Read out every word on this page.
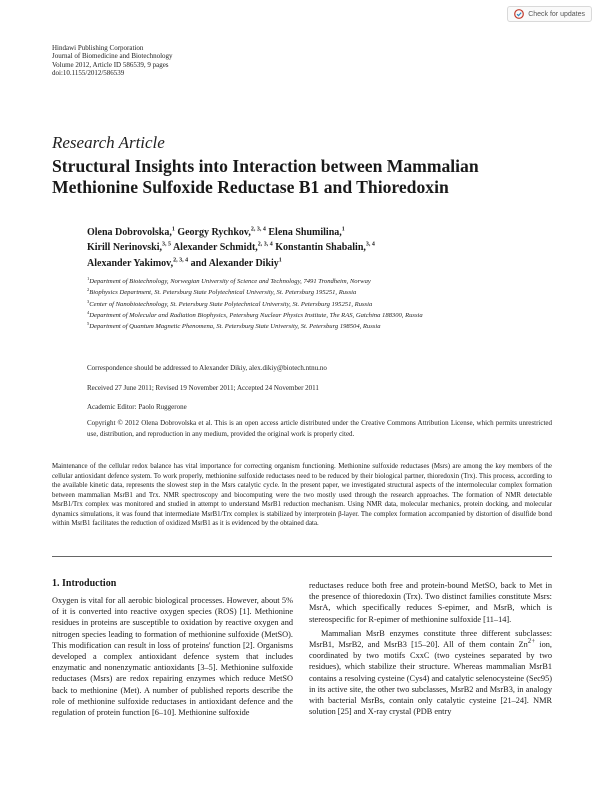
Check for updates
Hindawi Publishing Corporation
Journal of Biomedicine and Biotechnology
Volume 2012, Article ID 586539, 9 pages
doi:10.1155/2012/586539
Research Article
Structural Insights into Interaction between Mammalian Methionine Sulfoxide Reductase B1 and Thioredoxin
Olena Dobrovolska,$^1$ Georgy Rychkov,$^{2, 3, 4}$ Elena Shumilina,$^1$
Kirill Nerinovski,$^{3, 5}$ Alexander Schmidt,$^{2, 3, 4}$ Konstantin Shabalin,$^{3, 4}$
Alexander Yakimov,$^{2, 3, 4}$ and Alexander Dikiy$^1$
$^1$Department of Biotechnology, Norwegian University of Science and Technology, 7491 Trondheim, Norway
$^2$Biophysics Department, St. Petersburg State Polytechnical University, St. Petersburg 195251, Russia
$^3$Center of Nanobiotechnology, St. Petersburg State Polytechnical University, St. Petersburg 195251, Russia
$^4$Department of Molecular and Radiation Biophysics, Petersburg Nuclear Physics Institute, The RAS, Gatchina 188300, Russia
$^5$Department of Quantum Magnetic Phenomena, St. Petersburg State University, St. Petersburg 198504, Russia
Correspondence should be addressed to Alexander Dikiy, alex.dikiy@biotech.ntnu.no
Received 27 June 2011; Revised 19 November 2011; Accepted 24 November 2011
Academic Editor: Paolo Ruggerone
Copyright © 2012 Olena Dobrovolska et al. This is an open access article distributed under the Creative Commons Attribution License, which permits unrestricted use, distribution, and reproduction in any medium, provided the original work is properly cited.
Maintenance of the cellular redox balance has vital importance for correcting organism functioning. Methionine sulfoxide reductases (Msrs) are among the key members of the cellular antioxidant defence system. To work properly, methionine sulfoxide reductases need to be reduced by their biological partner, thioredoxin (Trx). This process, according to the available kinetic data, represents the slowest step in the Msrs catalytic cycle. In the present paper, we investigated structural aspects of the intermolecular complex formation between mammalian MsrB1 and Trx. NMR spectroscopy and biocomputing were the two mostly used through the research approaches. The formation of NMR detectable MsrB1/Trx complex was monitored and studied in attempt to understand MsrB1 reduction mechanism. Using NMR data, molecular mechanics, protein docking, and molecular dynamics simulations, it was found that intermediate MsrB1/Trx complex is stabilized by interprotein β-layer. The complex formation accompanied by distortion of disulfide bond within MsrB1 facilitates the reduction of oxidized MsrB1 as it is evidenced by the obtained data.
1. Introduction

Oxygen is vital for all aerobic biological processes. However, about 5% of it is converted into reactive oxygen species (ROS) [1]. Methionine residues in proteins are susceptible to oxidation by reactive oxygen and nitrogen species leading to formation of methionine sulfoxide (MetSO). This modification can result in loss of proteins' function [2]. Organisms developed a complex antioxidant defence system that includes enzymatic and nonenzymatic antioxidants [3–5]. Methionine sulfoxide reductases (Msrs) are redox repairing enzymes which reduce MetSO back to methionine (Met). A number of published reports describe the role of methionine sulfoxide reductases in antioxidant defence and the regulation of protein function [6–10]. Methionine sulfoxide

reductases reduce both free and protein-bound MetSO, back to Met in the presence of thioredoxin (Trx). Two distinct families constitute Msrs: MsrA, which specifically reduces S-epimer, and MsrB, which is stereospecific for R-epimer of methionine sulfoxide [11–14].

Mammalian MsrB enzymes constitute three different subclasses: MsrB1, MsrB2, and MsrB3 [15–20]. All of them contain $Zn^{2+}$ ion, coordinated by two motifs CxxC (two cysteines separated by two residues), which stabilize their structure. Whereas mammalian MsrB1 contains a resolving cysteine (Cys4) and catalytic selenocysteine (Sec95) in its active site, the other two subclasses, MsrB2 and MsrB3, in analogy with bacterial MsrBs, contain only catalytic cysteine [21–24]. NMR solution [25] and X-ray crystal (PDB entry
